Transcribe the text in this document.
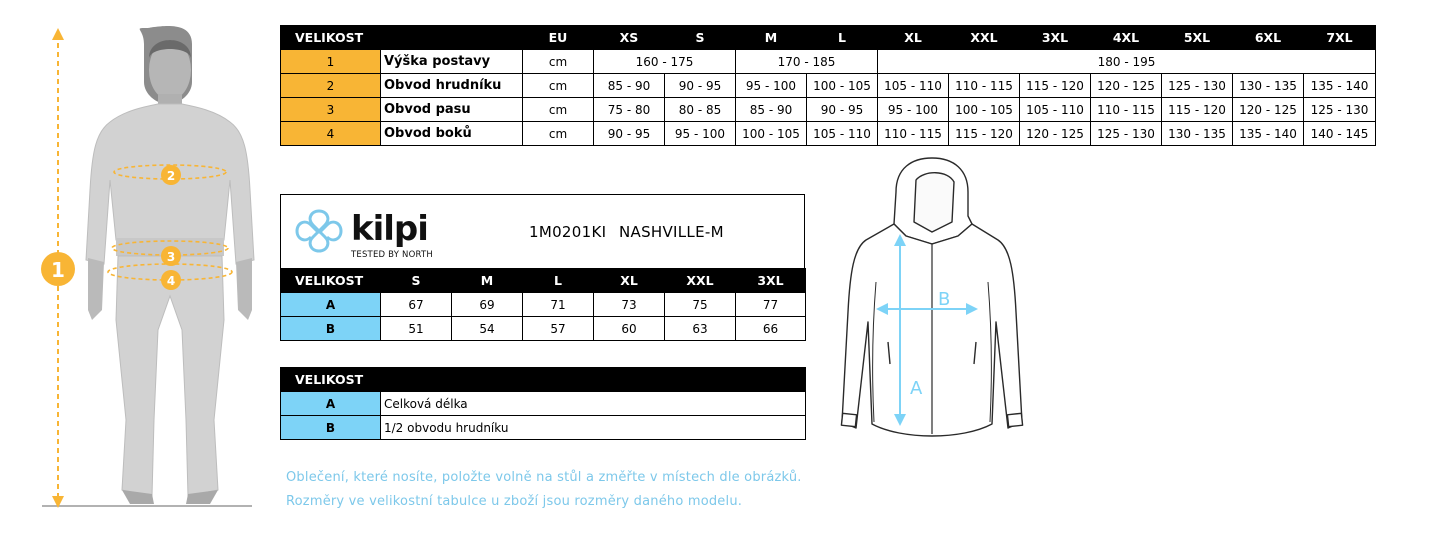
2
3
4
1
VELIKOST		EU	XS	S	M	L	XL	XXL	3XL	4XL	5XL	6XL	7XL
1	Výška postavy	cm	160 - 175		170 - 185		180 - 195						
2	Obvod hrudníku	cm	85 - 90	90 - 95	95 - 100	100 - 105	105 - 110	110 - 115	115 - 120	120 - 125	125 - 130	130 - 135	135 - 140
3	Obvod pasu	cm	75 - 80	80 - 85	85 - 90	90 - 95	95 - 100	100 - 105	105 - 110	110 - 115	115 - 120	120 - 125	125 - 130
4	Obvod boků	cm	90 - 95	95 - 100	100 - 105	105 - 110	110 - 115	115 - 120	120 - 125	125 - 130	130 - 135	135 - 140	140 - 145
kilpi
TESTED BY NORTH
1M0201KI NASHVILLE-M
VELIKOST	S	M	L	XL	XXL	3XL
A	67	69	71	73	75	77
B	51	54	57	60	63	66
VELIKOST	
A	Celková délka
B	1/2 obvodu hrudníku
A
B
Oblečení, které nosíte, položte volně na stůl a změřte v místech dle obrázků.
Rozměry ve velikostní tabulce u zboží jsou rozměry daného modelu.
